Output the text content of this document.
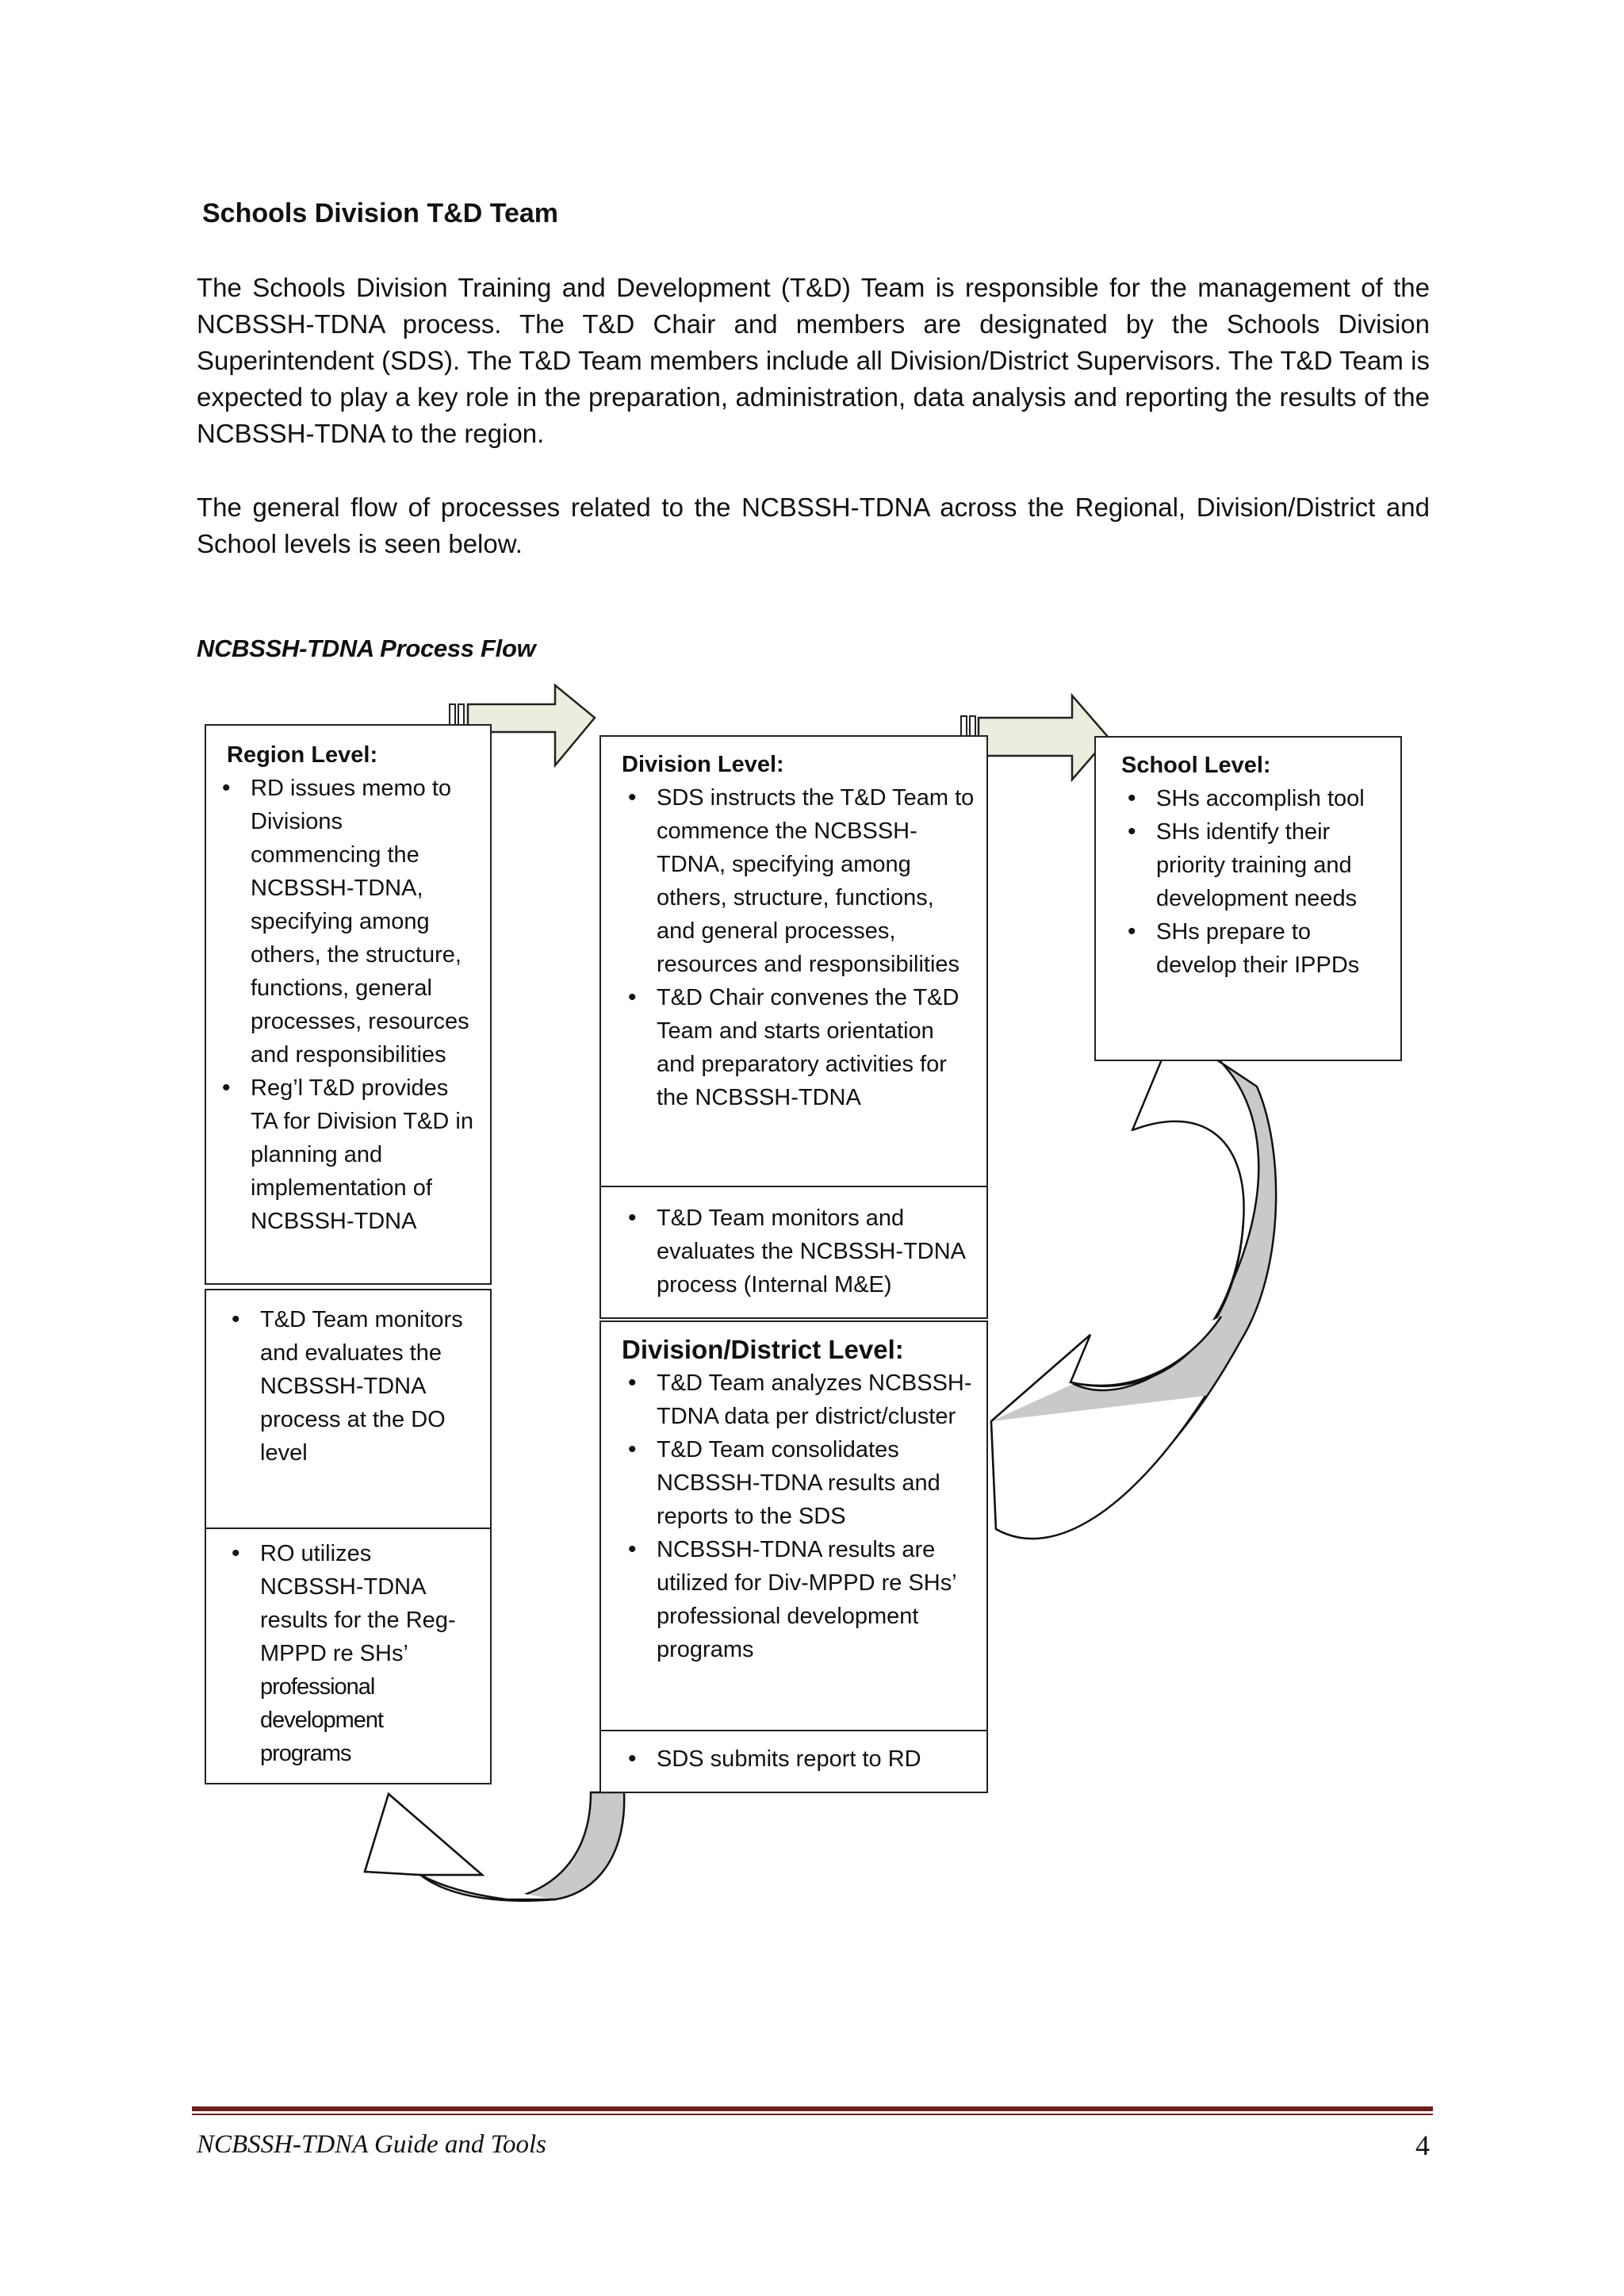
Schools Division T&D Team

The Schools Division Training and Development (T&D) Team is responsible for the management of the NCBSSH-TDNA process. The T&D Chair and members are designated by the Schools Division Superintendent (SDS). The T&D Team members include all Division/District Supervisors. The T&D Team is expected to play a key role in the preparation, administration, data analysis and reporting the results of the NCBSSH-TDNA to the region.

The general flow of processes related to the NCBSSH-TDNA across the Regional, Division/District and School levels is seen below.

NCBSSH-TDNA Process Flow
Region Level:
• RD issues memo to Divisions commencing the NCBSSH-TDNA, specifying among others, the structure, functions, general processes, resources and responsibilities
• Reg’l T&D provides TA for Division T&D in planning and implementation of NCBSSH-TDNA
• T&D Team monitors and evaluates the NCBSSH-TDNA process at the DO level
• RO utilizes NCBSSH-TDNA results for the Reg-MPPD re SHs’
professional development programs
Division Level:
• SDS instructs the T&D Team to commence the NCBSSH-TDNA, specifying among others, structure, functions, and general processes, resources and responsibilities
• T&D Chair convenes the T&D Team and starts orientation and preparatory activities for the NCBSSH-TDNA
• T&D Team monitors and evaluates the NCBSSH-TDNA process (Internal M&E)
Division/District Level:
• T&D Team analyzes NCBSSH-TDNA data per district/cluster
• T&D Team consolidates NCBSSH-TDNA results and reports to the SDS
• NCBSSH-TDNA results are utilized for Div-MPPD re SHs’ professional development programs
• SDS submits report to RD
School Level:
• SHs accomplish tool
• SHs identify their priority training and development needs
• SHs prepare to develop their IPPDs
NCBSSH-TDNA Guide and Tools	4
